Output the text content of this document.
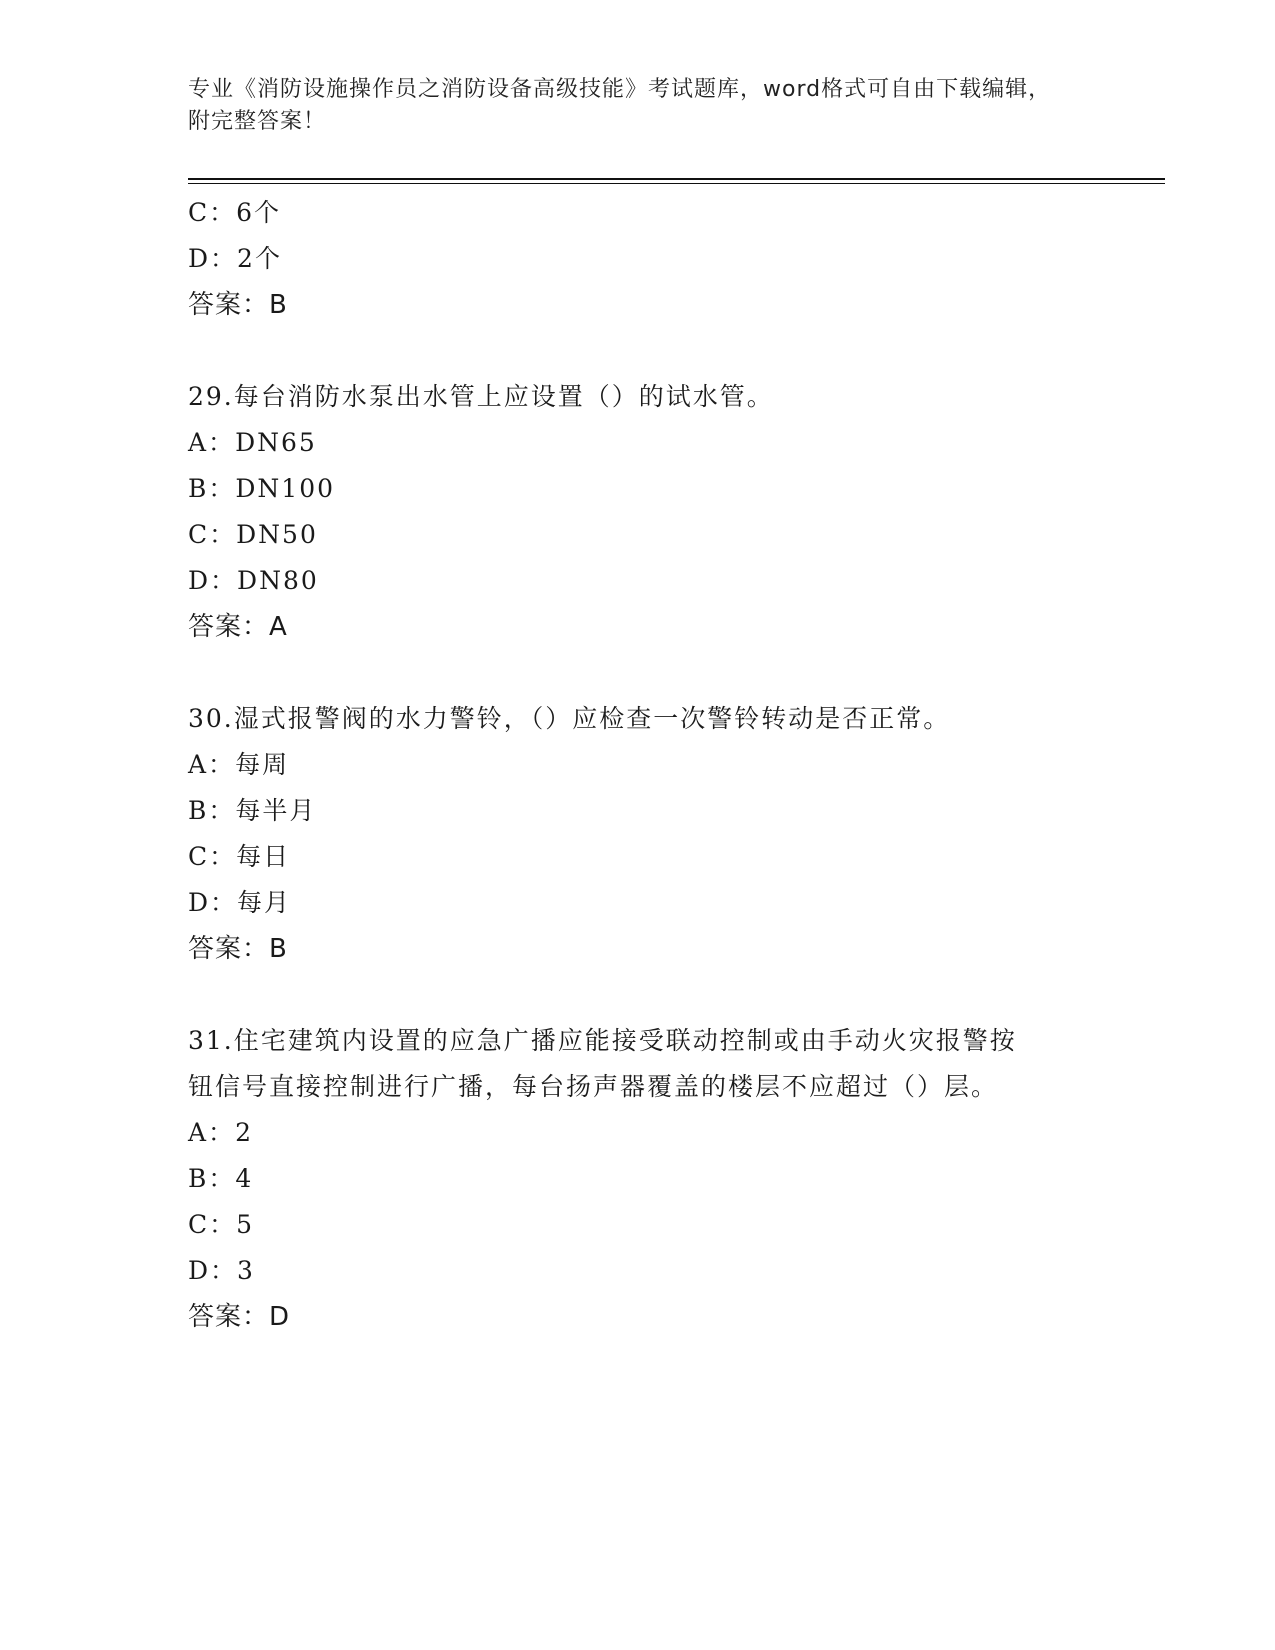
专业《消防设施操作员之消防设备高级技能》考试题库，word格式可自由下载编辑，附完整答案！
C：6个
D：2个
答案：B
29.每台消防水泵出水管上应设置（）的试水管。
A：DN65
B：DN100
C：DN50
D：DN80
答案：A
30.湿式报警阀的水力警铃，（）应检查一次警铃转动是否正常。
A：每周
B：每半月
C：每日
D：每月
答案：B
31.住宅建筑内设置的应急广播应能接受联动控制或由手动火灾报警按
钮信号直接控制进行广播，每台扬声器覆盖的楼层不应超过（）层。
A：2
B：4
C：5
D：3
答案：D
